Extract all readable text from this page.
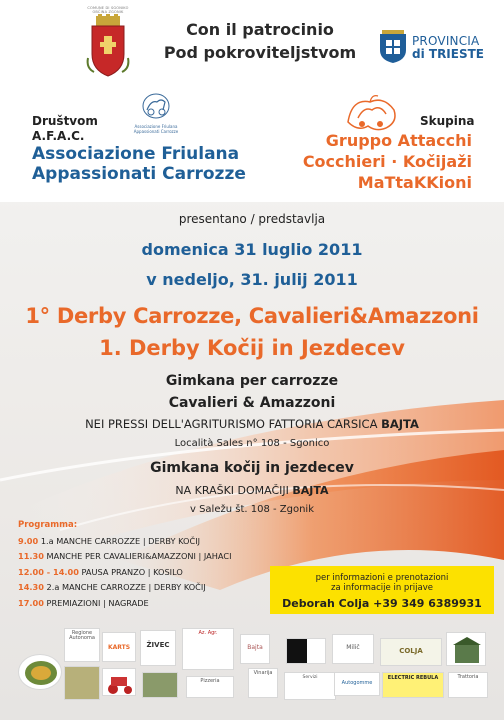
COMUNE DI SGONIKO
OBČINA ZGONIK
Con il patrocinio
Pod pokroviteljstvom
PROVINCIA
di TRIESTE
Društvom
A.F.A.C.
Associazione Friulana
Appassionati Carrozze
Associazione Friulana
Appassionati Carrozze
Skupina
Gruppo Attacchi
Cocchieri · Kočijaži
MaTtaKKioni
presentano / predstavlja
domenica 31 luglio 2011
v nedeljo, 31. julij 2011
1° Derby Carrozze, Cavalieri&Amazzoni
1. Derby Kočij in Jezdecev
Gimkana per carrozze
Cavalieri & Amazzoni
NEI PRESSI DELL'AGRITURISMO FATTORIA CARSICA BAJTA
Località Sales n° 108 - Sgonico
Gimkana kočij in jezdecev
NA KRAŠKI DOMAČIJI BAJTA
v Saležu št. 108 - Zgonik
Programma:
9.00 1.a MANCHE CARROZZE | DERBY KOČIJ
11.30 MANCHE PER CAVALIERI&AMAZZONI | JAHACI
12.00 - 14.00 PAUSA PRANZO | KOSILO
14.30 2.a MANCHE CARROZZE | DERBY KOČIJ
17.00 PREMIAZIONI | NAGRADE
per informazioni e prenotazioni
za informacije in prijave
Deborah Colja +39 349 6389931
Regione Autonoma
KARTS	ŽIVEC
Az. Agr.
Pizzeria
Bajta
Vinarija
Servizi
Milič
Autogomme
COLJA
ELECTRIC REBULA	Trattoria
